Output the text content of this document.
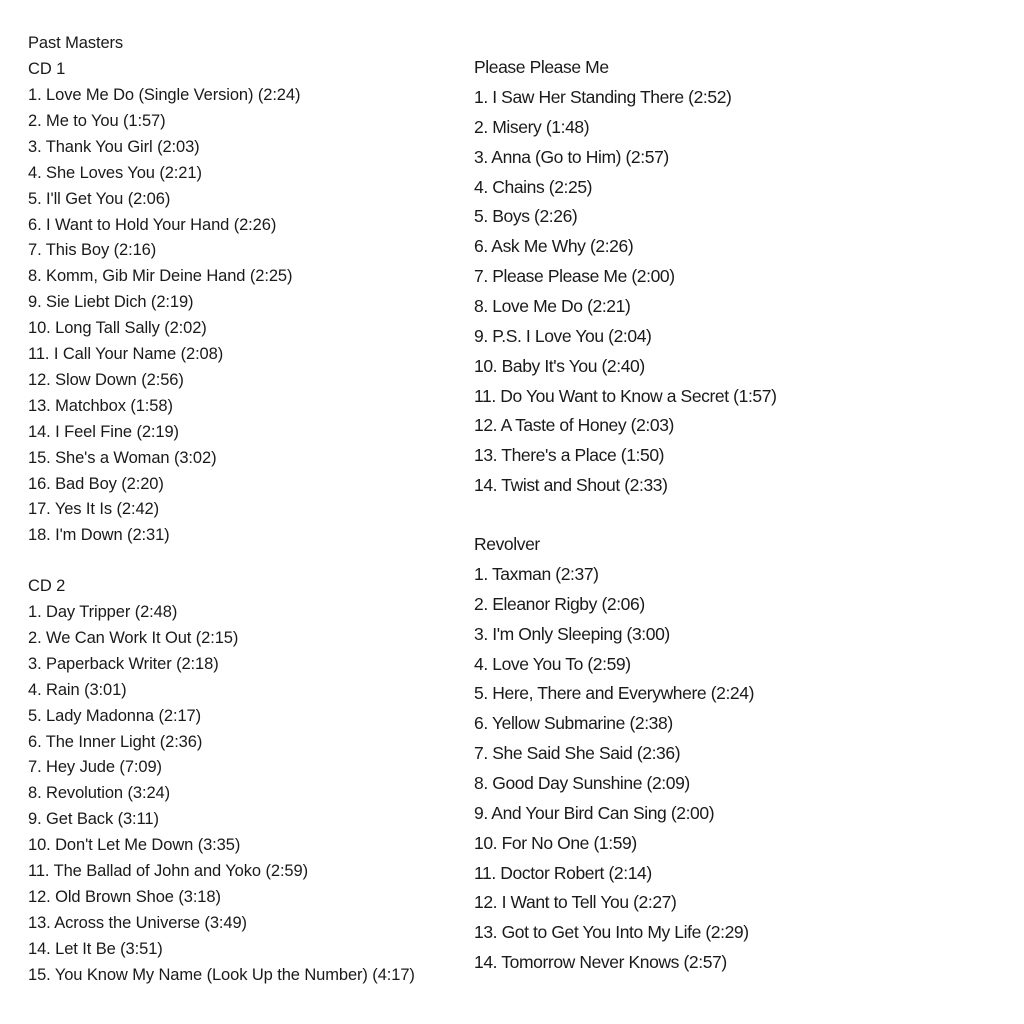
Past Masters
CD 1
1. Love Me Do (Single Version) (2:24)
2. Me to You (1:57)
3. Thank You Girl (2:03)
4. She Loves You (2:21)
5. I'll Get You (2:06)
6. I Want to Hold Your Hand (2:26)
7. This Boy (2:16)
8. Komm, Gib Mir Deine Hand (2:25)
9. Sie Liebt Dich (2:19)
10. Long Tall Sally (2:02)
11. I Call Your Name (2:08)
12. Slow Down (2:56)
13. Matchbox (1:58)
14. I Feel Fine (2:19)
15. She's a Woman (3:02)
16. Bad Boy (2:20)
17. Yes It Is (2:42)
18. I'm Down (2:31)
CD 2
1. Day Tripper (2:48)
2. We Can Work It Out (2:15)
3. Paperback Writer (2:18)
4. Rain (3:01)
5. Lady Madonna (2:17)
6. The Inner Light (2:36)
7. Hey Jude (7:09)
8. Revolution (3:24)
9. Get Back (3:11)
10. Don't Let Me Down (3:35)
11. The Ballad of John and Yoko (2:59)
12. Old Brown Shoe (3:18)
13. Across the Universe (3:49)
14. Let It Be (3:51)
15. You Know My Name (Look Up the Number) (4:17)
Please Please Me
1. I Saw Her Standing There (2:52)
2. Misery (1:48)
3. Anna (Go to Him) (2:57)
4. Chains (2:25)
5. Boys (2:26)
6. Ask Me Why (2:26)
7. Please Please Me (2:00)
8. Love Me Do (2:21)
9. P.S. I Love You (2:04)
10. Baby It's You (2:40)
11. Do You Want to Know a Secret (1:57)
12. A Taste of Honey (2:03)
13. There's a Place (1:50)
14. Twist and Shout (2:33)
Revolver
1. Taxman (2:37)
2. Eleanor Rigby (2:06)
3. I'm Only Sleeping (3:00)
4. Love You To (2:59)
5. Here, There and Everywhere (2:24)
6. Yellow Submarine (2:38)
7. She Said She Said (2:36)
8. Good Day Sunshine (2:09)
9. And Your Bird Can Sing (2:00)
10. For No One (1:59)
11. Doctor Robert (2:14)
12. I Want to Tell You (2:27)
13. Got to Get You Into My Life (2:29)
14. Tomorrow Never Knows (2:57)
